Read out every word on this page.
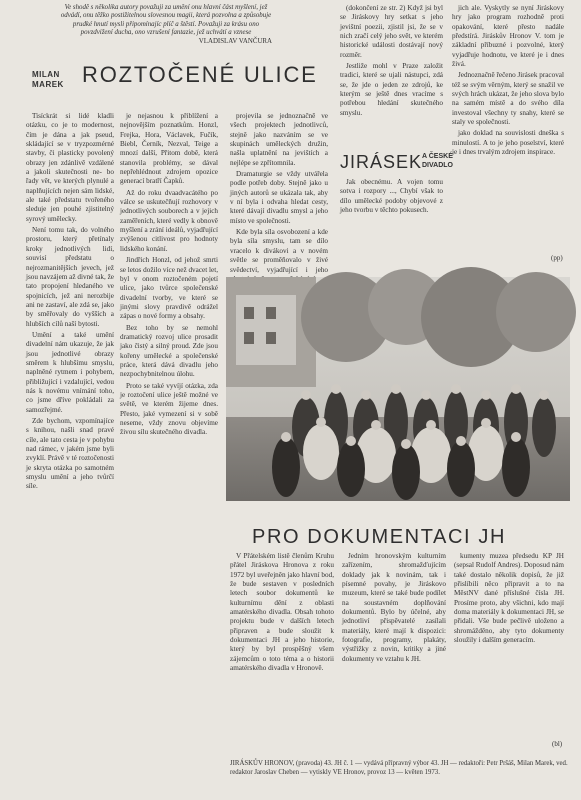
Ve shodě s několika autory považuji za umění onu hlavní část myšlení, jež odvádí, onu těžko postižitelnou slovesnou magii, která pozvolna a způsobuje prudké hnutí mysli připomínajíc plíč a štěstí. Považuji za krásu ono povzdvižení ducha, ono vzrušení fantazie, jež uchvátí a vznese
VLADISLAV VANČURA
MILAN
MAREK ROZTOČENÉ ULICE

Tisíckrát si lidé kladli otázku, co je to modernost, čím je dána a jak pseud, skládající se v tryzpozmérné stavby, či plasticky povolený obrazy jen zdánlivě vzdálené a jakoli skutečnosti ne- bo řady vět, ve kterých plynulé a naplňujících nejen sám lidské, ale také předstatu tvořeného sleduje jen pouhé zjistitelný syrový umělecky.

Není tomu tak, do volného prostoru, který přetínaly kroky jednotlivých lidí, souvisí předstatu o nejrozmanitějších jevech, jež jsou navzájem až divné tak, že tato propojení hledaného ve spojnicích, jež ani nerozbije ani ne zastaví, ale zdá se, jako by směřovaly do vyšších a hlubších cílů naší bytosti.

Umění a také umění divadelní nám ukazuje, že jak jsou jednotlivé obrazy směrem k hlubšímu smyslu, naplněné rytmem i pohybem, přibližující i vzdalující, vedou nás k novému vnímání toho, co jsme dříve pokládali za samozřejmé.

Zde bychom, vzpomínajíce s knihou, našli snad pravé cíle, ale tato cesta je v pohybu nad rámec, v jakém jsme byli zvyklí. Právě v té roztočenosti je skryta otázka po samotném smyslu umění a jeho tvůrčí síle.

je nejasnou k přiblížení a nejnovějším poznatkům. Honzl, Frejka, Hora, Václavek, Fučík, Biebl, Černík, Nezval, Teige a mnozí další, Přitom době, která stanovila problémy, se dával nepřehlédnout zdrojem opozice generací bratří Čapků.

Až do roku dvaadvacátého po válce se uskutečňují rozhovory v jednotlivých souborech a v jejich zaměřeních, které vedly k obnově myšlení a zrání ideálů, vyjadřující zvýšenou citlivost pro hodnoty lidského konání.

Jindřich Honzl, od jehož smrti se letos dožilo více než dvacet let, byl v onom roztočeném pojetí ulice, jako tvůrce společenské divadelní tvorby, ve které se jinými slovy pravdivě odrážel zápas o nové formy a obsahy.

Bez toho by se nemohl dramatický rozvoj ulice prosadit jako čistý a silný proud. Zde jsou kořeny umělecké a společenské práce, která dává divadlu jeho nezpochybnitelnou úlohu.

Proto se také vyvíjí otázka, zda je roztočení ulice ještě možné ve světě, ve kterém žijeme dnes. Přesto, jaké vymezení si v sobě neseme, vždy znovu objevíme živou sílu skutečného divadla.

projevila se jednoznačně ve všech projektech jednotlivců, stejně jako nazváním se ve skupinách uměleckých družin, našla uplatnění na jevištích a nejlépe se zpřítomnila.

Dramaturgie se vždy utvářela podle potřeb doby. Stejně jako u jiných autorů se ukázala tak, aby v ní byla i odvaha hledat cesty, které dávají divadlu smysl a jeho místo ve společnosti.

Kde byla síla osvobození a kde byla síla smyslu, tam se dílo vracelo k divákovi a v novém světle se proměňovalo v živé svědectví, vyjadřující i jeho

(dokončení ze str. 2) Když jsi byl se Jiráskovy hry setkat s jeho jevištní poezii, zjistil jsi, že se v nich zračí celý jeho svět, ve kterém historické události dostávají nový rozměr.

Jestliže mohl v Praze založit tradici, které se ujali nástupci, zdá se, že jde o jeden ze zdrojů, ke kterým se ještě dnes vracíme s potřebou hledání skutečného smyslu.

JIRÁSEK A ČESKÉ
DIVADLO

Jak obecnému. A vojen tomu sotva i rozpory ..., Chybí však to dílo umělecké podoby objevové z jeho tvorbu v těchto pokusech.

jich ale. Vyskytly se nyní Jiráskovy hry jako program rozhodně proti opakování, které přesto nadále předstírá. Jiráskův Hronov V. tom je základní příbuzné i pozvolné, který vyjadřuje hodnotu, ve které je i dnes živá.

Jednoznačně řečeno Jirásek pracoval též se svým věrným, který se snažil ve svých hrách ukázat, že jeho slova bylo na samém místě a do svého díla investoval všechny ty snahy, které se staly ve společnosti.

jako doklad na souvislosti dneška s minulostí. A to je jeho poselství, které je i dnes trvalým zdrojem inspirace.

(pp)
PRO DOKUMENTACI JH

V Přátelském listě členům Kruhu přátel Jiráskova Hronova z roku 1972 byl uveřejněn jako hlavní bod, že bude sestaven v posledních letech soubor dokumentů ke kulturnímu dění z oblasti amatérského divadla. Obsah tohoto projektu bude v dalších letech připraven a bude sloužit k dokumentaci JH a jeho historie, který by byl prospěšný všem zájemcům o toto téma a o historii amatérského divadla v Hronově.

Jedním hronovským kulturním zařízením, shromažďujícím doklady jak k novinám, tak i písemné povahy, je Jiráskovo muzeum, které se také bude podílet na soustavném doplňování dokumentů. Bylo by účelné, aby jednotliví přispěvatelé zasílali materiály, které mají k dispozici: fotografie, programy, plakáty, výstřižky z novin, kritiky a jiné dokumenty ve vztahu k JH.

kumenty muzea předsedu KP JH (sepsal Rudolf Andres). Doposud nám také dostalo několik dopisů, že již přislíbili něco připravit a to na MěstNV dané příslušné čísla JH. Prosíme proto, aby všichni, kdo mají doma materiály k dokumentaci JH, se přidali. Vše bude pečlivě uloženo a shromážděno, aby tyto dokumenty sloužily i dalším generacím.

(bl)
JIRÁSKŮV HRONOV, (pravoda) 43. JH č. 1 — vydává přípravný výbor 43. JH — redaktoři: Petr Pršáš, Milan Marek, ved. redaktor Jaroslav Cheben — vytiskly VE Hronov, provoz 13 — květen 1973.
